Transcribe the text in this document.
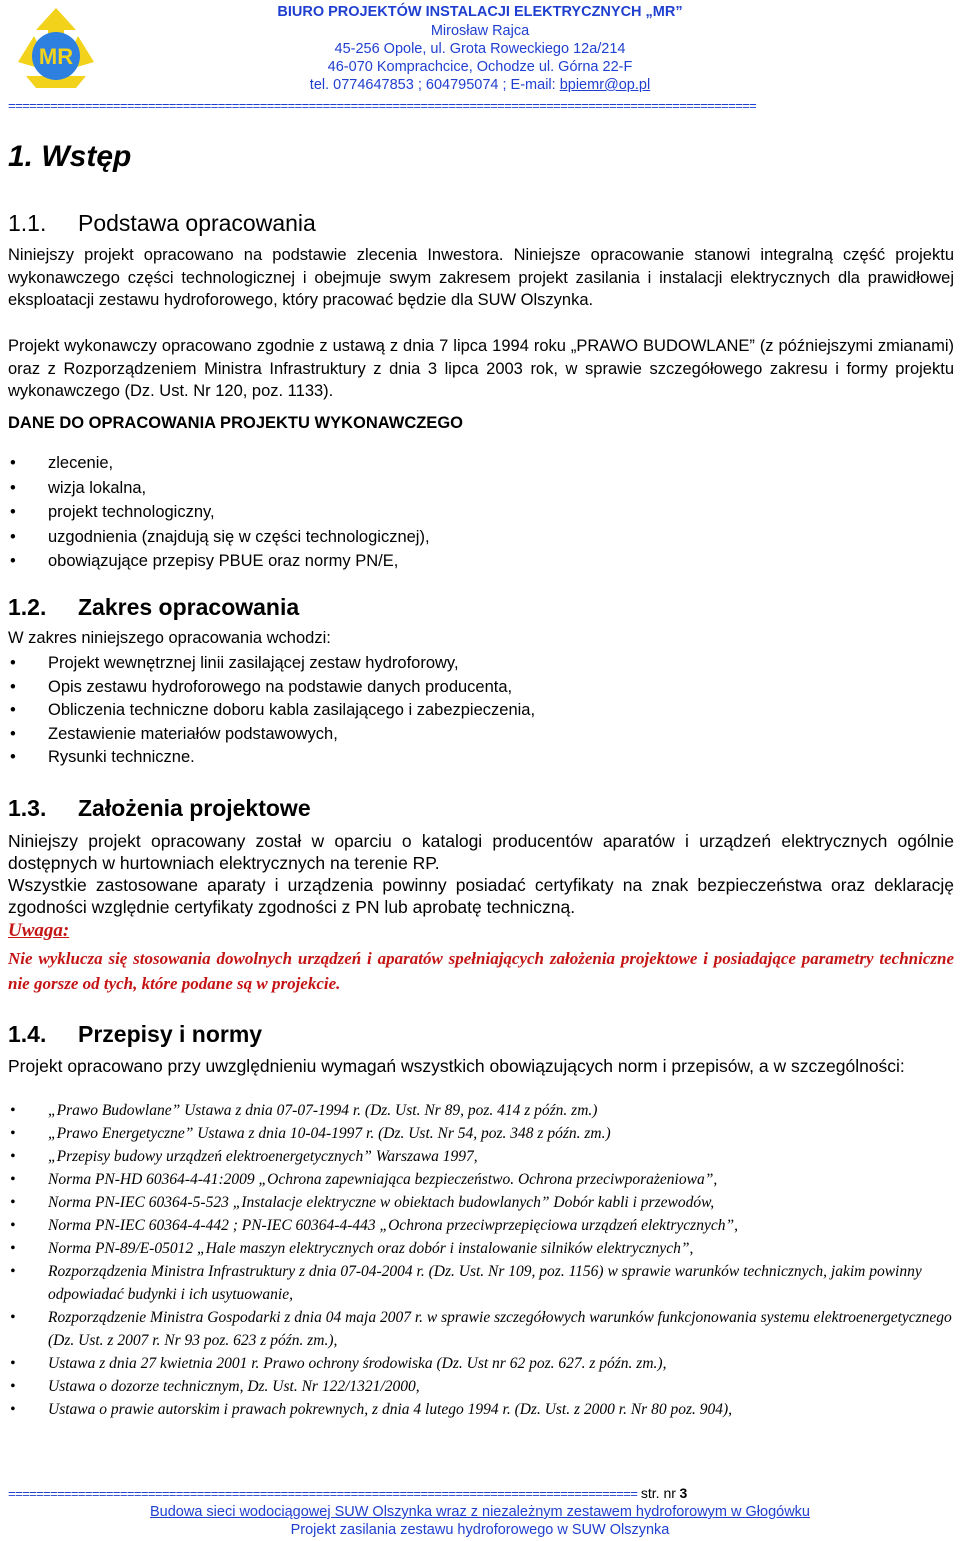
MR
BIURO PROJEKTÓW INSTALACJI ELEKTRYCZNYCH „MR”
Mirosław Rajca
45-256 Opole, ul. Grota Roweckiego 12a/214
46-070 Komprachcice, Ochodze ul. Górna 22-F
tel. 0774647853 ; 604795074 ; E-mail: bpiemr@op.pl
===========================================================================================================
1. Wstęp
1.1. Podstawa opracowania
Niniejszy projekt opracowano na podstawie zlecenia Inwestora. Niniejsze opracowanie stanowi integralną część projektu wykonawczego części technologicznej i obejmuje swym zakresem projekt zasilania i instalacji elektrycznych dla prawidłowej eksploatacji zestawu hydroforowego, który pracować będzie dla SUW Olszynka.
Projekt wykonawczy opracowano zgodnie z ustawą z dnia 7 lipca 1994 roku „PRAWO BUDOWLANE” (z późniejszymi zmianami) oraz z Rozporządzeniem Ministra Infrastruktury z dnia 3 lipca 2003 rok, w sprawie szczegółowego zakresu i formy projektu wykonawczego (Dz. Ust. Nr 120, poz. 1133).
DANE DO OPRACOWANIA PROJEKTU WYKONAWCZEGO
• zlecenie,
• wizja lokalna,
• projekt technologiczny,
• uzgodnienia (znajdują się w części technologicznej),
• obowiązujące przepisy PBUE oraz normy PN/E,
1.2. Zakres opracowania
W zakres niniejszego opracowania wchodzi:
• Projekt wewnętrznej linii zasilającej zestaw hydroforowy,
• Opis zestawu hydroforowego na podstawie danych producenta,
• Obliczenia techniczne doboru kabla zasilającego i zabezpieczenia,
• Zestawienie materiałów podstawowych,
• Rysunki techniczne.
1.3. Założenia projektowe
Niniejszy projekt opracowany został w oparciu o katalogi producentów aparatów i urządzeń elektrycznych ogólnie dostępnych w hurtowniach elektrycznych na terenie RP.
Wszystkie zastosowane aparaty i urządzenia powinny posiadać certyfikaty na znak bezpieczeństwa oraz deklarację zgodności względnie certyfikaty zgodności z PN lub aprobatę techniczną.
Uwaga:
Nie wyklucza się stosowania dowolnych urządzeń i aparatów spełniających założenia projektowe i posiadające parametry techniczne nie gorsze od tych, które podane są w projekcie.
1.4. Przepisy i normy
Projekt opracowano przy uwzględnieniu wymagań wszystkich obowiązujących norm i przepisów, a w szczególności:
• „Prawo Budowlane” Ustawa z dnia 07-07-1994 r. (Dz. Ust. Nr 89, poz. 414 z późn. zm.)
• „Prawo Energetyczne” Ustawa z dnia 10-04-1997 r. (Dz. Ust. Nr 54, poz. 348 z późn. zm.)
• „Przepisy budowy urządzeń elektroenergetycznych” Warszawa 1997,
• Norma PN-HD 60364-4-41:2009 „Ochrona zapewniająca bezpieczeństwo. Ochrona przeciwporażeniowa”,
• Norma PN-IEC 60364-5-523 „Instalacje elektryczne w obiektach budowlanych” Dobór kabli i przewodów,
• Norma PN-IEC 60364-4-442 ; PN-IEC 60364-4-443 „Ochrona przeciwprzepięciowa urządzeń elektrycznych”,
• Norma PN-89/E-05012 „Hale maszyn elektrycznych oraz dobór i instalowanie silników elektrycznych”,
• Rozporządzenia Ministra Infrastruktury z dnia 07-04-2004 r. (Dz. Ust. Nr 109, poz. 1156) w sprawie warunków technicznych, jakim powinny odpowiadać budynki i ich usytuowanie,
• Rozporządzenie Ministra Gospodarki z dnia 04 maja 2007 r. w sprawie szczegółowych warunków funkcjonowania systemu elektroenergetycznego (Dz. Ust. z 2007 r. Nr 93 poz. 623 z późn. zm.),
• Ustawa z dnia 27 kwietnia 2001 r. Prawo ochrony środowiska (Dz. Ust nr 62 poz. 627. z późn. zm.),
• Ustawa o dozorze technicznym, Dz. Ust. Nr 122/1321/2000,
• Ustawa o prawie autorskim i prawach pokrewnych, z dnia 4 lutego 1994 r. (Dz. Ust. z 2000 r. Nr 80 poz. 904),
========================================================================================== str. nr 3
Budowa sieci wodociągowej SUW Olszynka wraz z niezależnym zestawem hydroforowym w Głogówku
Projekt zasilania zestawu hydroforowego w SUW Olszynka
